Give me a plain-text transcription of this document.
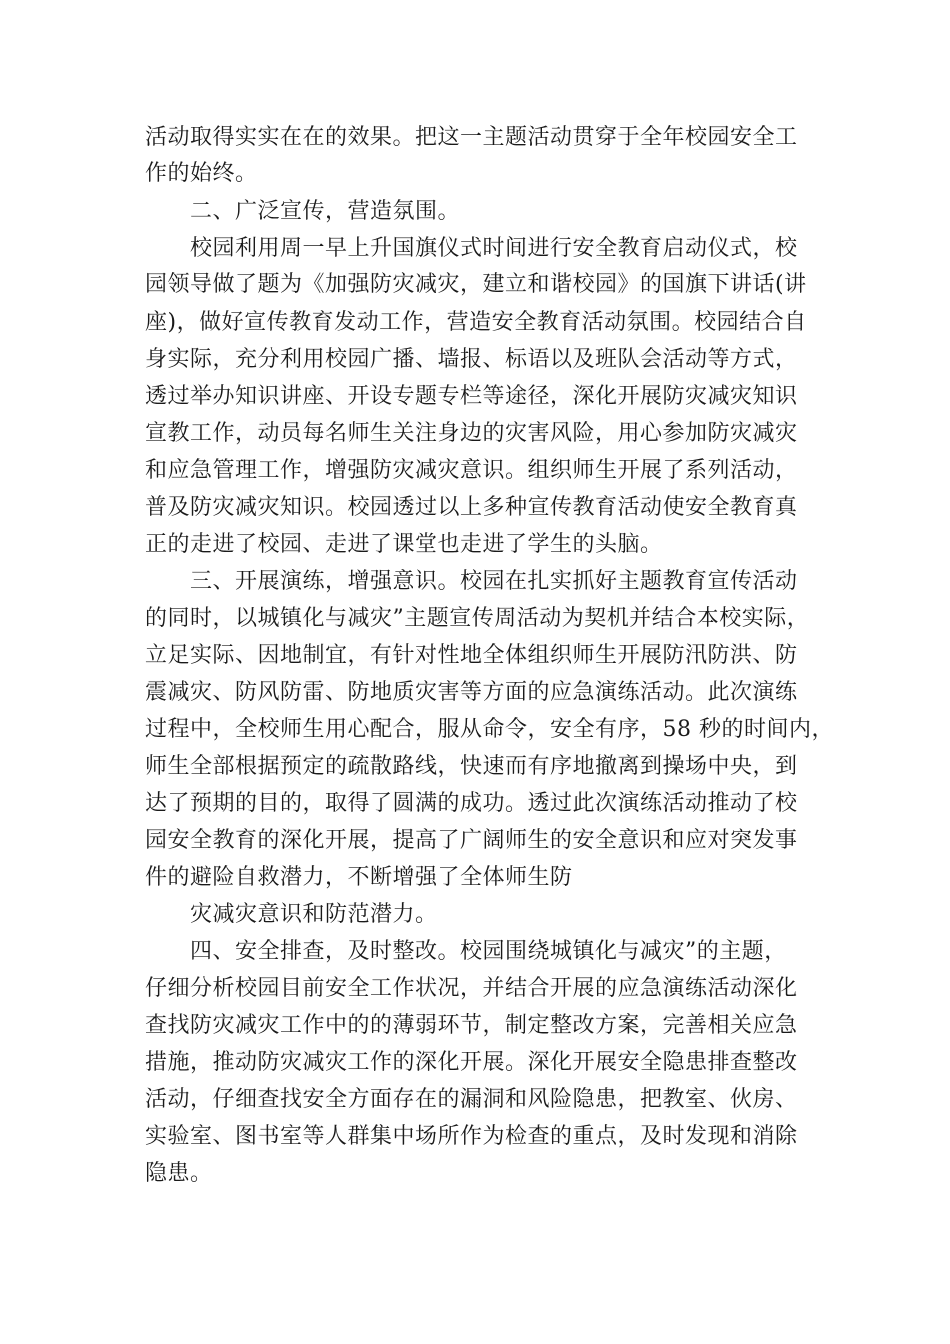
活动取得实实在在的效果。把这一主题活动贯穿于全年校园安全工
作的始终。
二、广泛宣传，营造氛围。
校园利用周一早上升国旗仪式时间进行安全教育启动仪式，校
园领导做了题为《加强防灾减灾，建立和谐校园》的国旗下讲话(讲
座)，做好宣传教育发动工作，营造安全教育活动氛围。校园结合自
身实际，充分利用校园广播、墙报、标语以及班队会活动等方式，
透过举办知识讲座、开设专题专栏等途径，深化开展防灾减灾知识
宣教工作，动员每名师生关注身边的灾害风险，用心参加防灾减灾
和应急管理工作，增强防灾减灾意识。组织师生开展了系列活动，
普及防灾减灾知识。校园透过以上多种宣传教育活动使安全教育真
正的走进了校园、走进了课堂也走进了学生的头脑。
三、开展演练，增强意识。校园在扎实抓好主题教育宣传活动
的同时，以城镇化与减灾”主题宣传周活动为契机并结合本校实际，
立足实际、因地制宜，有针对性地全体组织师生开展防汛防洪、防
震减灾、防风防雷、防地质灾害等方面的应急演练活动。此次演练
过程中，全校师生用心配合，服从命令，安全有序，58 秒的时间内，
师生全部根据预定的疏散路线，快速而有序地撤离到操场中央，到
达了预期的目的，取得了圆满的成功。透过此次演练活动推动了校
园安全教育的深化开展，提高了广阔师生的安全意识和应对突发事
件的避险自救潜力，不断增强了全体师生防
灾减灾意识和防范潜力。
四、安全排查，及时整改。校园围绕城镇化与减灾”的主题，
仔细分析校园目前安全工作状况，并结合开展的应急演练活动深化
查找防灾减灾工作中的的薄弱环节，制定整改方案，完善相关应急
措施，推动防灾减灾工作的深化开展。深化开展安全隐患排查整改
活动，仔细查找安全方面存在的漏洞和风险隐患，把教室、伙房、
实验室、图书室等人群集中场所作为检查的重点，及时发现和消除
隐患。
